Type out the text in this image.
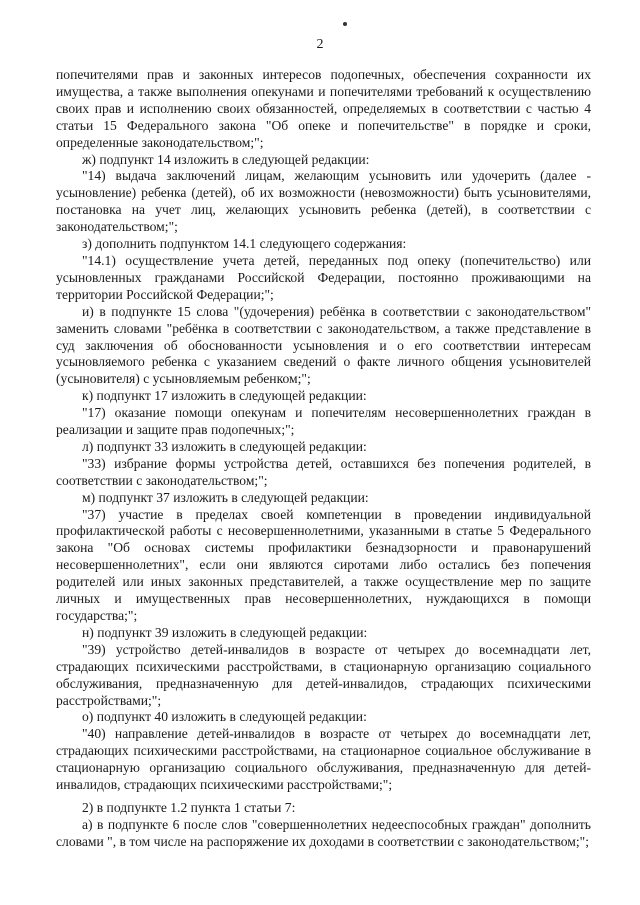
2

попечителями прав и законных интересов подопечных, обеспечения сохранности их имущества, а также выполнения опекунами и попечителями требований к осуществлению своих прав и исполнению своих обязанностей, определяемых в соответствии с частью 4 статьи 15 Федерального закона "Об опеке и попечительстве" в порядке и сроки, определенные законодательством;";

ж) подпункт 14 изложить в следующей редакции:

"14) выдача заключений лицам, желающим усыновить или удочерить (далее - усыновление) ребенка (детей), об их возможности (невозможности) быть усыновителями, постановка на учет лиц, желающих усыновить ребенка (детей), в соответствии с законодательством;";

з) дополнить подпунктом 14.1 следующего содержания:

"14.1) осуществление учета детей, переданных под опеку (попечительство) или усыновленных гражданами Российской Федерации, постоянно проживающими на территории Российской Федерации;";

и) в подпункте 15 слова "(удочерения) ребёнка в соответствии с законодательством" заменить словами "ребёнка в соответствии с законодательством, а также представление в суд заключения об обоснованности усыновления и о его соответствии интересам усыновляемого ребенка с указанием сведений о факте личного общения усыновителей (усыновителя) с усыновляемым ребенком;";

к) подпункт 17 изложить в следующей редакции:

"17) оказание помощи опекунам и попечителям несовершеннолетних граждан в реализации и защите прав подопечных;";

л) подпункт 33 изложить в следующей редакции:

"33) избрание формы устройства детей, оставшихся без попечения родителей, в соответствии с законодательством;";

м) подпункт 37 изложить в следующей редакции:

"37) участие в пределах своей компетенции в проведении индивидуальной профилактической работы с несовершеннолетними, указанными в статье 5 Федерального закона "Об основах системы профилактики безнадзорности и правонарушений несовершеннолетних", если они являются сиротами либо остались без попечения родителей или иных законных представителей, а также осуществление мер по защите личных и имущественных прав несовершеннолетних, нуждающихся в помощи государства;";

н) подпункт 39 изложить в следующей редакции:

"39) устройство детей-инвалидов в возрасте от четырех до восемнадцати лет, страдающих психическими расстройствами, в стационарную организацию социального обслуживания, предназначенную для детей-инвалидов, страдающих психическими расстройствами;";

о) подпункт 40 изложить в следующей редакции:

"40) направление детей-инвалидов в возрасте от четырех до восемнадцати лет, страдающих психическими расстройствами, на стационарное социальное обслуживание в стационарную организацию социального обслуживания, предназначенную для детей-инвалидов, страдающих психическими расстройствами;";

2) в подпункте 1.2 пункта 1 статьи 7:

а) в подпункте 6 после слов "совершеннолетних недееспособных граждан" дополнить словами ", в том числе на распоряжение их доходами в соответствии с законодательством;";
